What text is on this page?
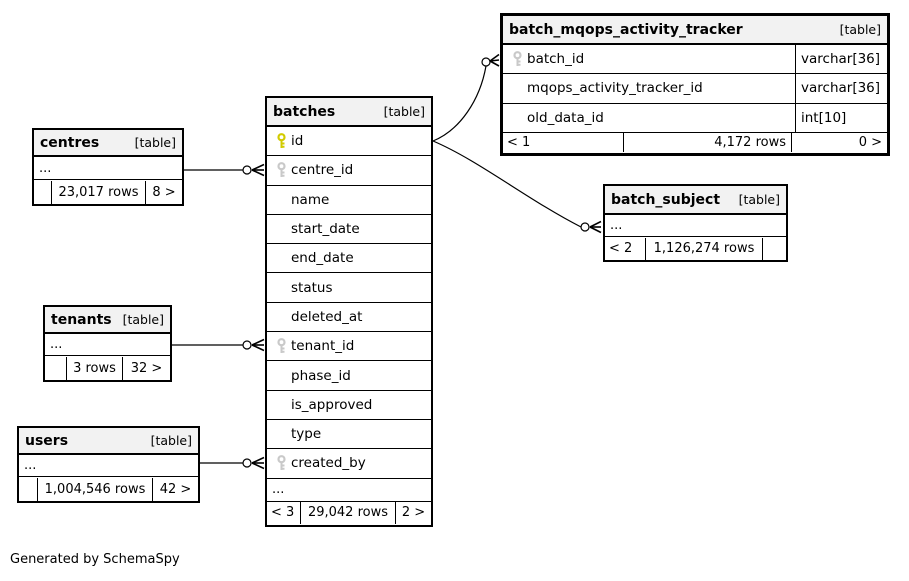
centres	[table]
...
23,017 rows	8 >
tenants [table]
...
3 rows	32 >
users	[table]
...
1,004,546 rows	42 >
batches	[table]
id
centre_id
name
start_date
end_date
status
deleted_at
tenant_id
phase_id
is_approved
type
created_by
...
< 3	29,042 rows	2 >
batch_mqops_activity_tracker	[table]
batch_id	varchar[36]
mqops_activity_tracker_id	varchar[36]
old_data_id	int[10]
< 1	4,172 rows	0 >
batch_subject [table]
...
< 2	1,126,274 rows
Generated by SchemaSpy
